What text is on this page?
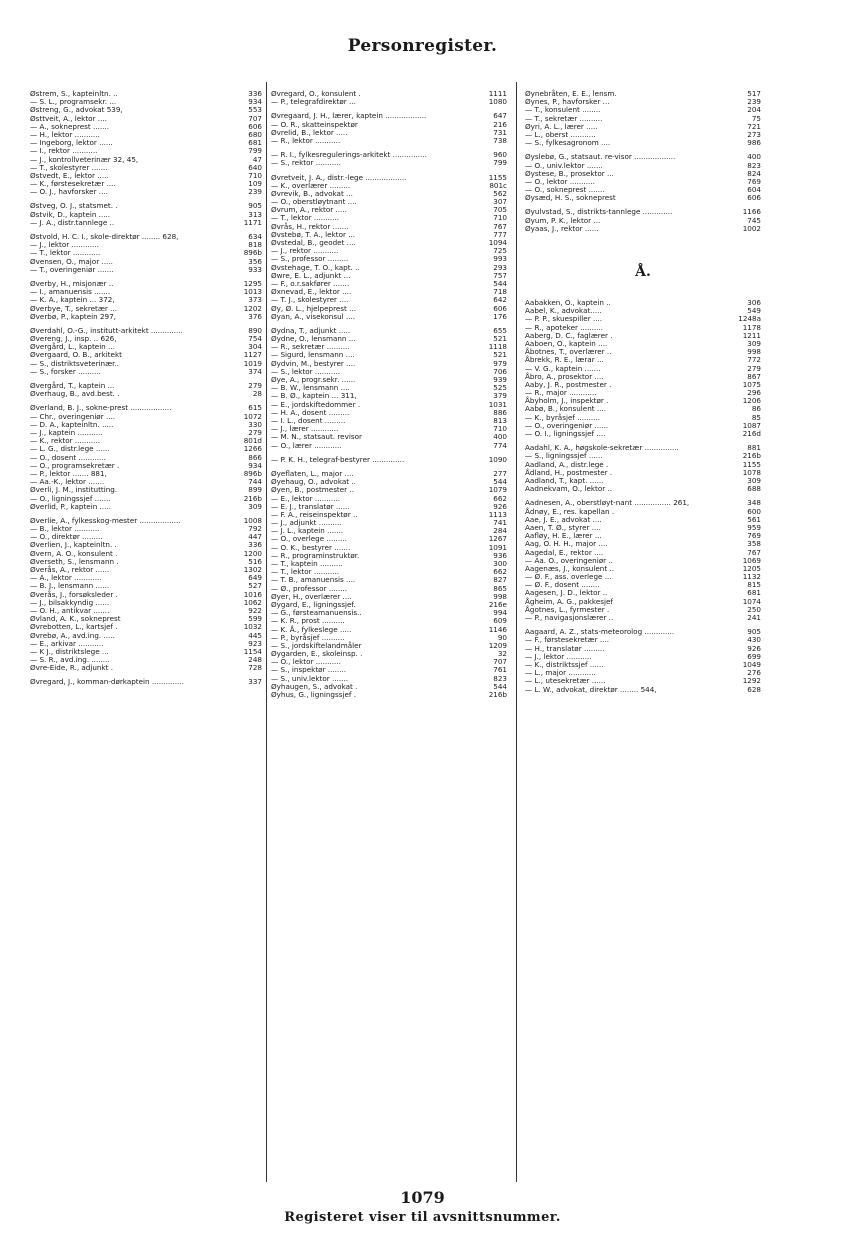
Personregister.
Østrem, S., kapteinltn. ..	336
— S. L., programsekr. ...	934
Østreng, G., advokat 539,	553
Østtveit, A., lektor ....	707
— A., sokneprest .......	606
— H., lektor ...........	680
— Ingeborg, lektor ......	681
— I., rektor ...........	799
— J., kontrollveterinær 32, 45,	47
— T., skolestyrer .......	640
Østvedt, E., lektor .....	710
— K., førstesekretær ....	109
— O. J., havforsker ....	239
Østveg, O. J., statsmet. .	905
Østvik, D., kaptein .....	313
— J. A., distr.tannlege ..	1171
Østvold, H. C. I., skole-direktør ........ 628,	634
— J., lektor ............	818
— T., lektor ............	896b
Øvensen, O., major .....	356
— T., overingeniør .......	933
Øverby, H., misjonær ..	1295
— I., amanuensis .......	1013
— K. A., kaptein ... 372,	373
Øverbye, T., sekretær ...	1202
Øverbø, P., kaptein 297,	376
Øverdahl, O.-G., institutt-arkitekt ..............	890
Øvereng, J., insp. .. 626,	754
Øvergård, L., kaptein ...	304
Øvergaard, O. B., arkitekt	1127
— S., distriktsveterinær..	1019
— S., forsker ..........	374
Øvergård, T., kaptein ...	279
Øverhaug, B., avd.best. .	28
Øverland, B. J., sokne-prest ..................	615
— Chr., overingeniør ....	1072
— D. A., kapteinltn. .....	330
— J., kaptein ...........	279
— K., rektor ...........	801d
— L. G., distr.lege ......	1266
— O., dosent ............	866
— O., programsekretær .	934
— P., lektor ....... 881,	896b
— Aa.-K., lektor .......	744
Øverli, J. M., institutting.	899
— O., ligningssjef .......	216b
Øverlid, P., kaptein .....	309
Øverlie, A., fylkesskog-mester ..................	1008
— B., lektor ...........	792
— O., direktør .........	447
Øverlien, J., kapteinltn. .	336
Øvern, A. O., konsulent .	1200
Øverseth, S., lensmann .	516
Øverås, A., rektor ......	1302
— A., lektor ............	649
— B. J., lensmann ......	527
Øverås, J., forsøksleder .	1016
— J., bilsakkyndig ......	1062
— O. H., antikvar .......	922
Øvland, A. K., soknеprest	599
Øvrebotten, L., kartsjef .	1032
Øvrebø, A., avd.ing. .....	445
— E., arkivar ...........	923
— K J., distriktslege ...	1154
— S. R., avd.ing. ........	248
Øvre-Eide, R., adjunkt .	728
Øvregard, J., komman-dørkaptein ..............	337
Øvregard, O., konsulent .	1111
— P., telegrafdirektør ...	1080
Øvregaard, J. H., lærer, kaptein ..................	647
— O. R., skatteinspektør	216
Øvrelid, B., lektor .....	731
— R., lektor ...........	738
— R. I., fylkesregulerings-arkitekt ...............	960
— S., rektor ...........	799
Øvretveit, J. A., distr.-lege ..................	1155
— K., overlærer .........	801c
Øvrevik, B., advokat ...	562
— O., oberstløytnant ....	307
Øvrum, A., rektor .....	705
— T., lektor ...........	710
Øvrås, H., rektor .......	767
Øvstebø, T. A., lektor ...	777
Øvstedal, B., geodet ....	1094
— J., rektor ...........	725
— S., professor .........	993
Øvstehage, T. O., kapt. ..	293
Øwre, E. L., adjunkt ...	757
— F., o.r.sakfører .......	544
Øxnevad, E., lektor ....	718
— T. J., skolestyrer ....	642
Øy, Ø. L., hjelpeprest ...	606
Øyan, A., visekonsul ....	176
Øydna, T., adjunkt .....	655
Øydne, O., lensmann ...	521
— R., sekretær ..........	1118
— Sigurd, lensmann ....	521
Øydvin, M., bestyrer ....	979
— S., lektor ...........	706
Øye, A., progr.sekr. ......	939
— B. W., lensmann ....	525
— B. Ø., kaptein ... 311,	379
— E., jordskiftedommer .	1031
— H. A., dosent .........	886
— I. L., dosent .........	813
— J., lærer ............	710
— M. N., statsaut. revisor	400
— O., lærer ............	774
— P. K. H., telegraf-bestyrer ..............	1090
Øyeflaten, L., major ....	277
Øyehaug, O., advokat ..	544
Øyen, B., postmester ..	1079
— E., lektor ...........	662
— E. J., translatør ......	926
— F. A., reiseinspektør ..	1113
— J., adjunkt ..........	741
— J. L., kaptein .......	284
— O., overlege .........	1267
— O. K., bestyrer .......	1091
— R., programinstruktør.	936
— T., kaptein ..........	300
— T., lektor ...........	662
— T. B., amanuensis ....	827
— Ø., professor ........	865
Øyer, H., overlærer ....	998
Øygard, E., ligningssjef.	216e
— G., førsteamanuensis..	994
— K. R., prost ..........	609
— K. Å., fylkeslege .....	1146
— P., byråsjef ..........	90
— S., jordskiftelandmåler	1209
Øygarden, E., skoleinsp. .	32
— O., lektor ...........	707
— S., inspektør ........	761
— S., univ.lektor .......	823
Øyhaugen, S., advokat .	544
Øyhus, G., ligningssjef .	216b
Øynebråten, E. E., lensm.	517
Øynes, P., havforsker ...	239
— T., konsulent ........	204
— T., sekretær ..........	75
Øyri, A. L., lærer .....	721
— L., oberst ...........	273
— S., fylkesagronom ....	986
Øyslebø, G., statsaut. re-visor ..................	400
— O., univ.lektor .......	823
Øystese, B., prosektor ...	824
— O., lektor ...........	769
— O., sokneprest .......	604
Øysæd, H. S., soknеprest	606
Øyulvstad, S., distrikts-tannlege .............	1166
Øyum, P. K., lektor ...	745
Øyaas, J., rektor ......	1002
Å.
Aabakken, O., kaptein ..	306
Aabel, K., advokat.....	549
— P. P., skuespiller ....	1248a
— R., apoteker ..........	1178
Aaberg, D. C., faglærer .	1211
Aaboen, O., kaptein ....	309
Åbotnes, T., overlærer ..	998
Åbrekk, R. E., lærar ...	772
— V. G., kaptein .......	279
Åbro, A., prosektor ....	867
Aaby, J. R., postmester .	1075
— R., major ............	296
Åbyholm, J., inspektør .	1206
Aabø, B., konsulent ....	86
— K., byråsjef ..........	85
— O., overingeniør ......	1087
— O. I., ligningssjef ....	216d
Aadahl, K. A., høgskole-sekretær ...............	881
— S., ligningssjef ......	216b
Aadland, A., distr.lege .	1155
Ådland, H., postmester .	1078
Aadland, T., kapt. ......	309
Aadnekvam, O., lektor ..	688
Aadnesen, A., oberstløyt-nant ................ 261,	348
Ådnøy, E., res. kapellan .	600
Aae, J. E., advokat ....	561
Aaen, T. Ø., styrer ....	959
Aafløy, H. E., lærer ...	769
Aag, O. H. H., major ....	358
Aagedal, E., rektor ....	767
— Aa. O., overingeniør ..	1069
Aagenæs, J., konsulent ..	1205
— Ø. F., ass. overlege ...	1132
— Ø. F., dosent ........	815
Aagesen, J. D., lektor ..	681
Ågheim, A. G., pakkesjef	1074
Ågotnes, L., fyrmester .	250
— P., navigasjonslærer ..	241
Aagaard, A. Z., stats-meteorolog .............	905
— F., førstesekretær ....	430
— H., translatør .........	926
— J., lektor ...........	699
— K., distriktssjef ......	1049
— L., major ............	276
— L., utesekretær ......	1292
— L. W., advokat, direktør ........ 544,	628
1079
Registeret viser til avsnittsnummer.
